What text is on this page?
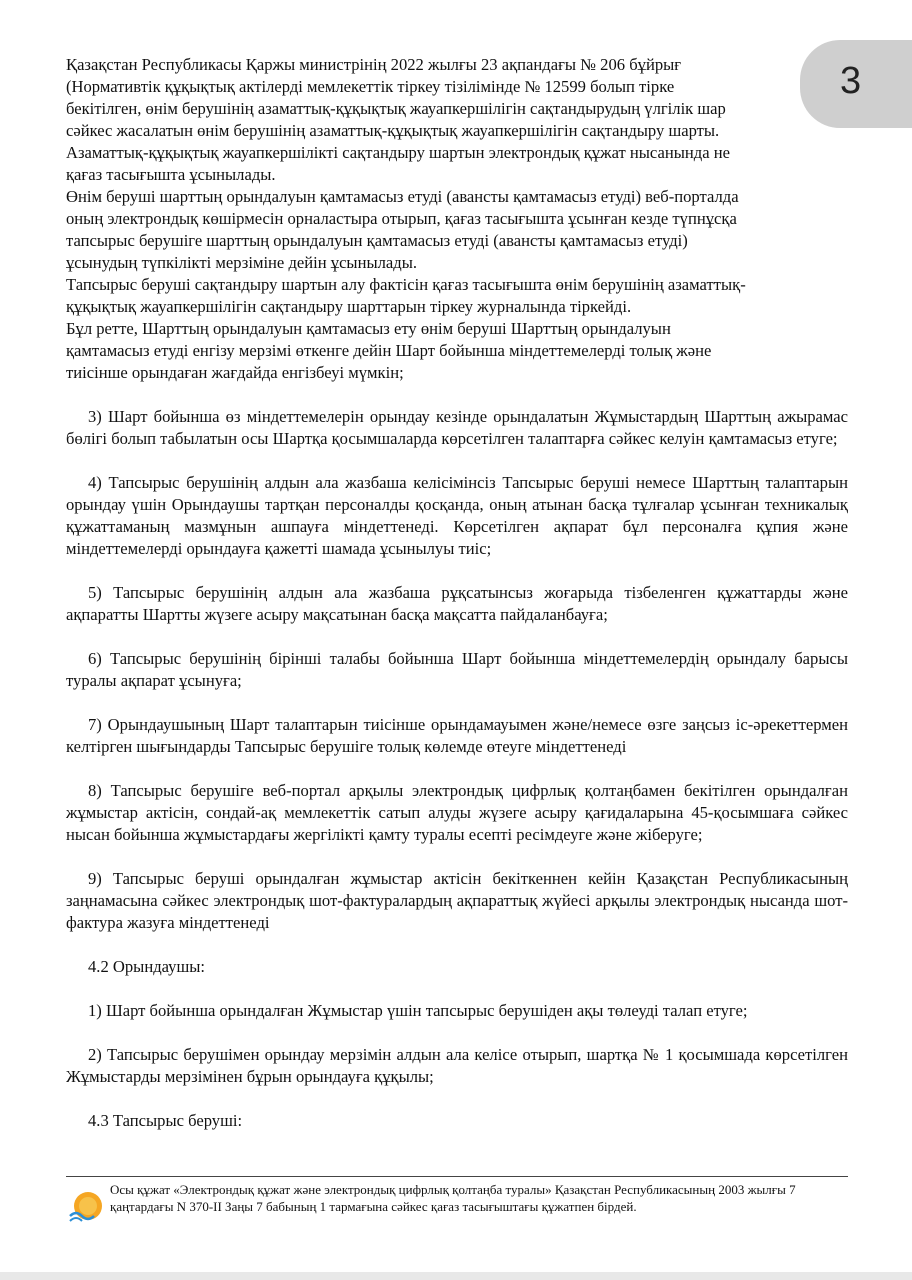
3

Қазақстан Республикасы Қаржы министрінің 2022 жылғы 23 ақпандағы № 206 бұйрығ

(Нормативтік құқықтық актілерді мемлекеттік тіркеу тізілімінде № 12599 болып тірке

бекітілген, өнім берушінің азаматтық-құқықтық жауапкершілігін сақтандырудың үлгілік шар

сәйкес жасалатын өнім берушінің азаматтық-құқықтық жауапкершілігін сақтандыру шарты.

Азаматтық-құқықтық жауапкершілікті сақтандыру шартын электрондық құжат нысанында не

қағаз тасығышта ұсынылады.

Өнім беруші шарттың орындалуын қамтамасыз етуді (авансты қамтамасыз етуді) веб-порталда

оның электрондық көшірмесін орналастыра отырып, қағаз тасығышта ұсынған кезде түпнұсқа

тапсырыс берушіге шарттың орындалуын қамтамасыз етуді (авансты қамтамасыз етуді)

ұсынудың түпкілікті мерзіміне дейін ұсынылады.

Тапсырыс беруші сақтандыру шартын алу фактісін қағаз тасығышта өнім берушінің азаматтық-

құқықтық жауапкершілігін сақтандыру шарттарын тіркеу журналында тіркейді.

Бұл ретте, Шарттың орындалуын қамтамасыз ету өнім беруші Шарттың орындалуын

қамтамасыз етуді енгізу мерзімі өткенге дейін Шарт бойынша міндеттемелерді толық және

тиісінше орындаған жағдайда енгізбеуі мүмкін;

3) Шарт бойынша өз міндеттемелерін орындау кезінде орындалатын Жұмыстардың Шарттың ажырамас бөлігі болып табылатын осы Шартқа қосымшаларда көрсетілген талаптарға сәйкес келуін қамтамасыз етуге;

4) Тапсырыс берушінің алдын ала жазбаша келісімінсіз Тапсырыс беруші немесе Шарттың талаптарын орындау үшін Орындаушы тартқан персоналды қосқанда, оның атынан басқа тұлғалар ұсынған техникалық құжаттаманың мазмұнын ашпауға міндеттенеді. Көрсетілген ақпарат бұл персоналға құпия және міндеттемелерді орындауға қажетті шамада ұсынылуы тиіс;

5) Тапсырыс берушінің алдын ала жазбаша рұқсатынсыз жоғарыда тізбеленген құжаттарды және ақпаратты Шартты жүзеге асыру мақсатынан басқа мақсатта пайдаланбауға;

6) Тапсырыс берушінің бірінші талабы бойынша Шарт бойынша міндеттемелердің орындалу барысы туралы ақпарат ұсынуға;

7) Орындаушының Шарт талаптарын тиісінше орындамауымен және/немесе өзге заңсыз іс-әрекеттермен келтірген шығындарды Тапсырыс берушіге толық көлемде өтеуге міндеттенеді

8) Тапсырыс берушіге веб-портал арқылы электрондық цифрлық қолтаңбамен бекітілген орындалған жұмыстар актісін, сондай-ақ мемлекеттік сатып алуды жүзеге асыру қағидаларына 45-қосымшаға сәйкес нысан бойынша жұмыстардағы жергілікті қамту туралы есепті ресімдеуге және жіберуге;

9) Тапсырыс беруші орындалған жұмыстар актісін бекіткеннен кейін Қазақстан Республикасының заңнамасына сәйкес электрондық шот-фактуралардың ақпараттық жүйесі арқылы электрондық нысанда шот-фактура жазуға міндеттенеді

4.2 Орындаушы:

1) Шарт бойынша орындалған Жұмыстар үшін тапсырыс берушіден ақы төлеуді талап етуге;

2) Тапсырыс берушімен орындау мерзімін алдын ала келісе отырып, шартқа № 1 қосымшада көрсетілген Жұмыстарды мерзімінен бұрын орындауға құқылы;

4.3 Тапсырыс беруші:

Осы құжат «Электрондық құжат және электрондық цифрлық қолтаңба туралы» Қазақстан Республикасының 2003 жылғы 7 қаңтардағы N 370-II Заңы 7 бабының 1 тармағына сәйкес қағаз тасығыштағы құжатпен бірдей.
